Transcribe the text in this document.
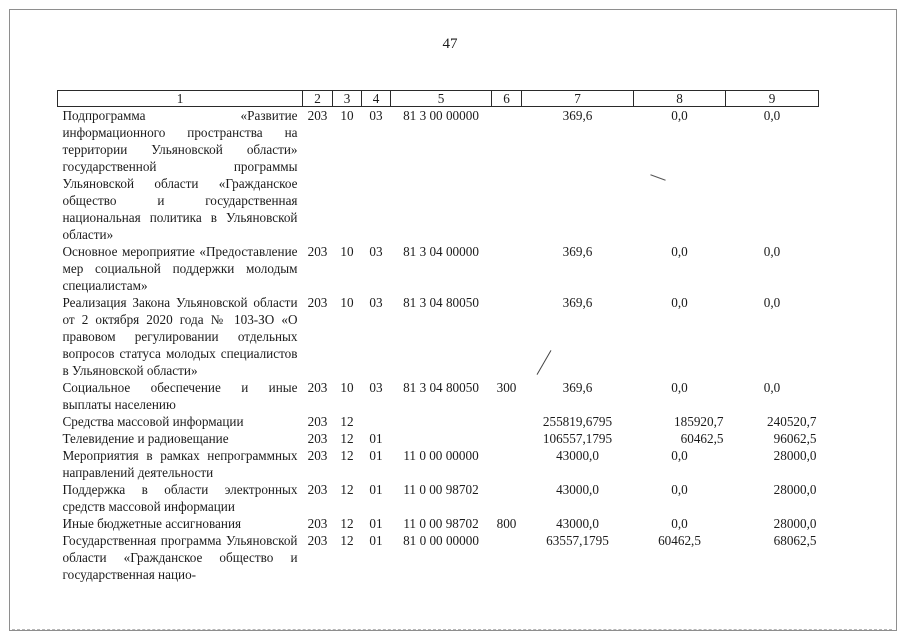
47
1	2	3	4	5	6	7	8	9
Подпрограмма «Развитие информационного пространства на территории Ульяновской области» государственной программы Ульяновской области «Гражданское общество и государственная национальная политика в Ульяновской области»	203	10	03	81 3 00 00000		369,6	0,0	0,0
Основное мероприятие «Предоставление мер социальной поддержки молодым специалистам»	203	10	03	81 3 04 00000		369,6	0,0	0,0
Реализация Закона Ульяновской области от 2 октября 2020 года № 103-ЗО «О правовом регулировании отдельных вопросов статуса молодых специалистов в Ульяновской области»	203	10	03	81 3 04 80050		369,6	0,0	0,0
Социальное обеспечение и иные выплаты населению	203	10	03	81 3 04 80050	300	369,6	0,0	0,0
Средства массовой информации	203	12				255819,6795	185920,7	240520,7
Телевидение и радиовещание	203	12	01			106557,1795	60462,5	96062,5
Мероприятия в рамках непрограммных направлений деятельности	203	12	01	11 0 00 00000		43000,0	0,0	28000,0
Поддержка в области электронных средств массовой информации	203	12	01	11 0 00 98702		43000,0	0,0	28000,0
Иные бюджетные ассигнования	203	12	01	11 0 00 98702	800	43000,0	0,0	28000,0
Государственная программа Ульяновской области «Гражданское общество и государственная нацио-	203	12	01	81 0 00 00000		63557,1795	60462,5	68062,5
